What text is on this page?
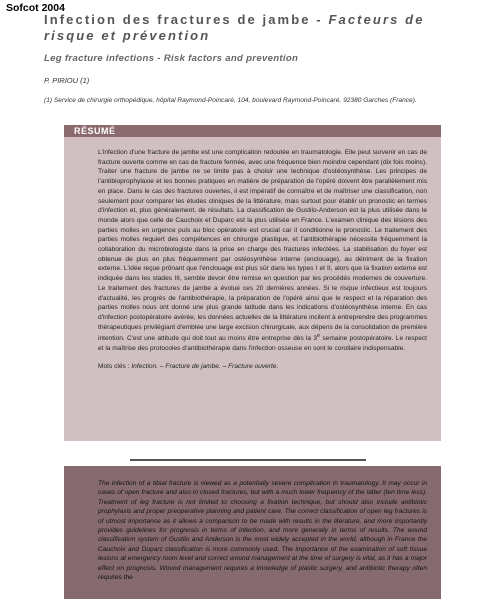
Sofcot 2004
Infection des fractures de jambe - Facteurs de risque et prévention
Leg fracture infections - Risk factors and prevention
P. PIRIOU (1)
(1) Service de chirurgie orthopédique, hôpital Raymond-Poincaré, 104, boulevard Raymond-Poincaré, 92380 Garches (France).
RÉSUMÉ
L'infection d'une fracture de jambe est une complication redoutée en traumatologie. Elle peut survenir en cas de fracture ouverte comme en cas de fracture fermée, avec une fréquence bien moindre cependant (dix fois moins). Traiter une fracture de jambe ne se limite pas à choisir une technique d'ostéosynthèse. Les principes de l'antibioprophylaxie et les bonnes pratiques en matière de préparation de l'opéré doivent être parallèlement mis en place. Dans le cas des fractures ouvertes, il est impératif de connaître et de maîtriser une classification, non seulement pour comparer les études cliniques de la littérature, mais surtout pour établir un pronostic en termes d'infection et, plus généralement, de résultats. La classification de Gustilo-Anderson est la plus utilisée dans le monde alors que celle de Cauchoix et Duparc est la plus utilisée en France. L'examen clinique des lésions des parties molles en urgence puis au bloc opératoire est crucial car il conditionne le pronostic. Le traitement des parties molles requiert des compétences en chirurgie plastique, et l'antibiothérapie nécessite fréquemment la collaboration du microbiologiste dans la prise en charge des fractures infectées. La stabilisation du foyer est obtenue de plus en plus fréquemment par ostéosynthèse interne (enclouage), au détriment de la fixation externe. L'idée reçue prônant que l'enclouage est plus sûr dans les types I et II, alors que la fixation externe est indiquée dans les stades III, semble devoir être remise en question par les procédés modernes de couverture. Le traitement des fractures de jambe a évolué ces 20 dernières années. Si le risque infectieux est toujours d'actualité, les progrès de l'antibiothérapie, la préparation de l'opéré ainsi que le respect et la réparation des parties molles nous ont donné une plus grande latitude dans les indications d'ostéosynthèse interne. En cas d'infection postopératoire avérée, les données actuelles de la littérature incitent à entreprendre des programmes thérapeutiques privilégiant d'emblée une large excision chirurgicale, aux dépens de la consolidation de première intention. C'est une attitude qui doit tout au moins être entreprise dès la 3e semaine postopératoire. Le respect et la maîtrise des protocoles d'antibiothérapie dans l'infection osseuse en sont le corollaire indispensable.
Mots clés : Infection. – Fracture de jambe. – Fracture ouverte.
The infection of a tibial fracture is viewed as a potentially severe complication in traumatology. It may occur in cases of open fracture and also in closed fractures, but with a much lower frequency of the latter (ten time less). Treatment of leg fracture is not limited to choosing a fixation technique, but should also include antibiotic prophylaxis and proper preoperative planning and patient care. The correct classification of open leg fractures is of utmost importance as it allows a comparison to be made with results in the literature, and more importantly provides guidelines for prognosis in terms of infection, and more generally in terms of results. The wound classification system of Gustilo and Anderson is the most widely accepted in the world, although in France the Cauchoix and Duparc classification is more commonly used. The importance of the examination of soft tissue lesions at emergency room level and correct wound management at the time of surgery is vital, as it has a major effect on prognosis. Wound management requires a knowledge of plastic surgery, and antibiotic therapy often requires the
